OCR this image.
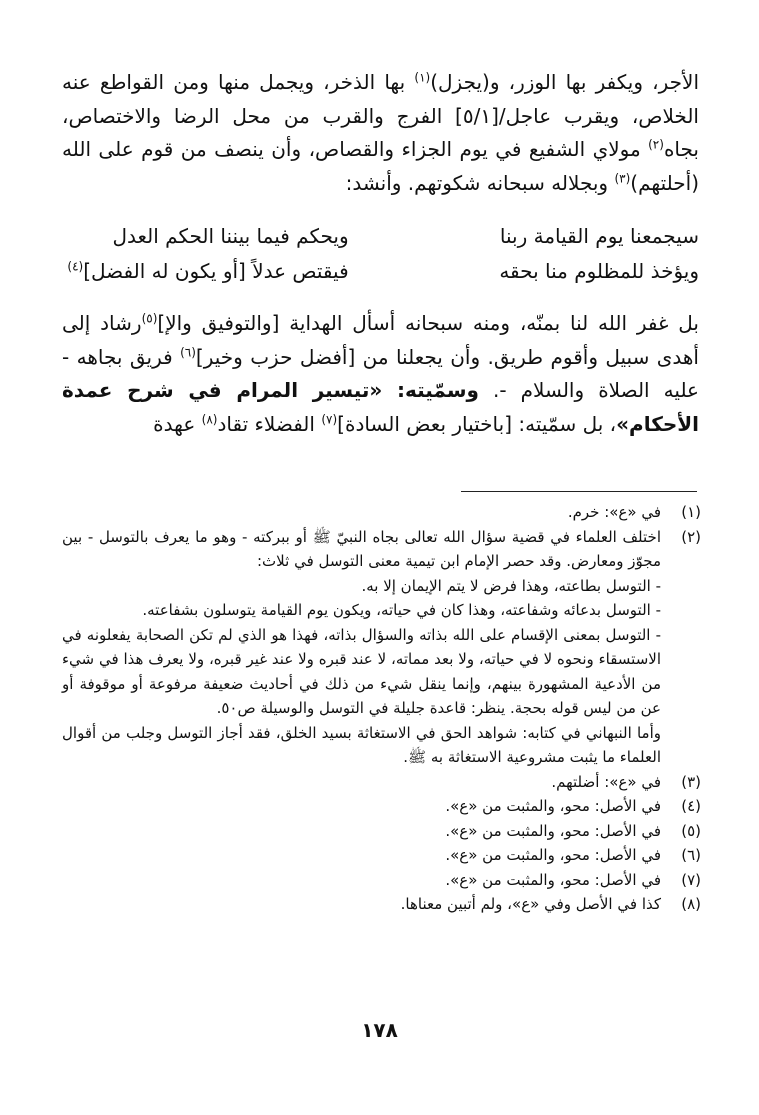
الأجر، ويكفر بها الوزر، و(يجزل)$^{(١)}$ بها الذخر، ويجمل منها ومن القواطع عنه الخلاص، ويقرب عاجل/[٥/١] الفرج والقرب من محل الرضا والاختصاص، بجاه$^{(٢)}$ مولاي الشفيع في يوم الجزاء والقصاص، وأن ينصف من قوم على الله (أحلتهم)$^{(٣)}$ وبجلاله سبحانه شكوتهم. وأنشد:

سيجمعنا يوم القيامة ربنا
ويحكم فيما بيننا الحكم العدل
ويؤخذ للمظلوم منا بحقه
فيقتص عدلاً [أو يكون له الفضل]$^{(٤)}$

بل غفر الله لنا بمنّه، ومنه سبحانه أسأل الهداية [والتوفيق والإ]$^{(٥)}$رشاد إلى أهدى سبيل وأقوم طريق. وأن يجعلنا من [أفضل حزب وخير]$^{(٦)}$ فريق بجاهه - عليه الصلاة والسلام -. وسمّيته: «تيسير المرام في شرح عمدة الأحكام»، بل سمّيته: [باختيار بعض السادة]$^{(٧)}$ الفضلاء تقاد$^{(٨)}$ عهدة

(١)
في «ع»: خرم.
(٢)
اختلف العلماء في قضية سؤال الله تعالى بجاه النبيّ ﷺ أو ببركته - وهو ما يعرف بالتوسل - بين مجوّز ومعارض. وقد حصر الإمام ابن تيمية معنى التوسل في ثلاث:
- التوسل بطاعته، وهذا فرض لا يتم الإيمان إلا به.
- التوسل بدعائه وشفاعته، وهذا كان في حياته، ويكون يوم القيامة يتوسلون بشفاعته.
- التوسل بمعنى الإقسام على الله بذاته والسؤال بذاته، فهذا هو الذي لم تكن الصحابة يفعلونه في الاستسقاء ونحوه لا في حياته، ولا بعد مماته، لا عند قبره ولا عند غير قبره، ولا يعرف هذا في شيء من الأدعية المشهورة بينهم، وإنما ينقل شيء من ذلك في أحاديث ضعيفة مرفوعة أو موقوفة أو عن من ليس قوله بحجة. ينظر: قاعدة جليلة في التوسل والوسيلة ص٥٠.
وأما النبهاني في كتابه: شواهد الحق في الاستغاثة بسيد الخلق، فقد أجاز التوسل وجلب من أقوال العلماء ما يثبت مشروعية الاستغاثة به ﷺ.
(٣)
في «ع»: أضلتهم.
(٤)
في الأصل: محو، والمثبت من «ع».
(٥)
في الأصل: محو، والمثبت من «ع».
(٦)
في الأصل: محو، والمثبت من «ع».
(٧)
في الأصل: محو، والمثبت من «ع».
(٨)
كذا في الأصل وفي «ع»، ولم أتبين معناها.
١٧٨
